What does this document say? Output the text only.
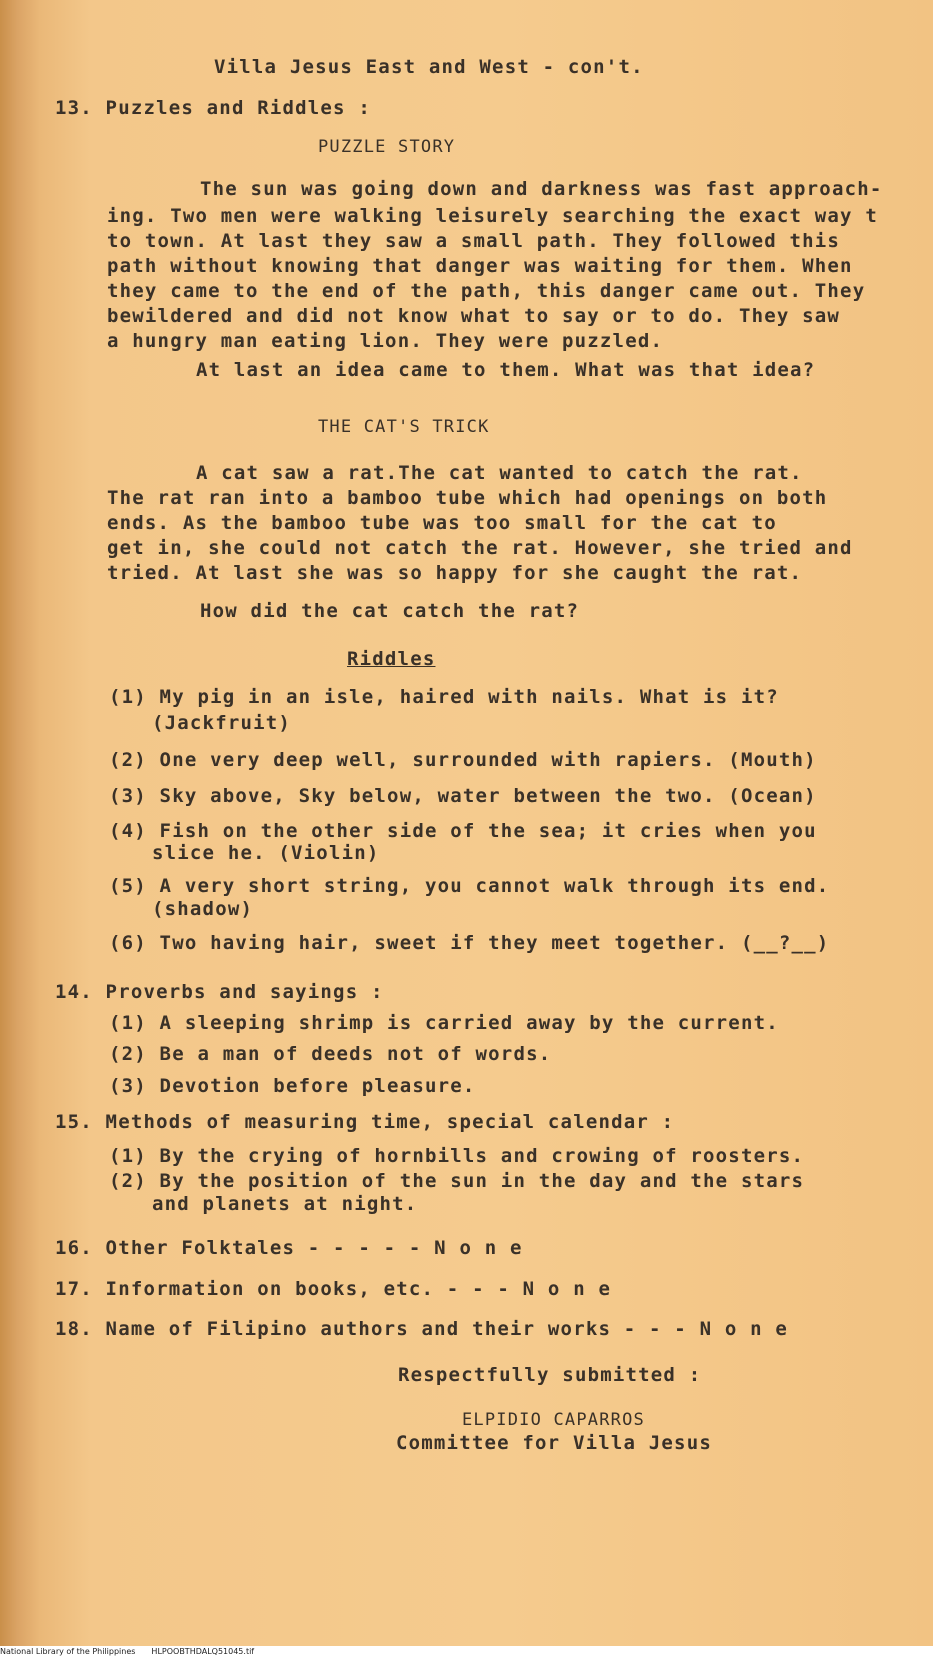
Villa Jesus East and West - con't.
13. Puzzles and Riddles :
PUZZLE STORY
The sun was going down and darkness was fast approach-
ing. Two men were walking leisurely searching the exact way t
to town. At last they saw a small path. They followed this
path without knowing that danger was waiting for them. When
they came to the end of the path, this danger came out. They
bewildered and did not know what to say or to do. They saw
a hungry man eating lion. They were puzzled.
At last an idea came to them. What was that idea?
THE CAT'S TRICK
A cat saw a rat.The cat wanted to catch the rat.
The rat ran into a bamboo tube which had openings on both
ends. As the bamboo tube was too small for the cat to
get in, she could not catch the rat. However, she tried and
tried. At last she was so happy for she caught the rat.
How did the cat catch the rat?
Riddles
(1) My pig in an isle, haired with nails. What is it?
(Jackfruit)
(2) One very deep well, surrounded with rapiers. (Mouth)
(3) Sky above, Sky below, water between the two. (Ocean)
(4) Fish on the other side of the sea; it cries when you
slice he. (Violin)
(5) A very short string, you cannot walk through its end.
(shadow)
(6) Two having hair, sweet if they meet together. (__?__)
14. Proverbs and sayings :
(1) A sleeping shrimp is carried away by the current.
(2) Be a man of deeds not of words.
(3) Devotion before pleasure.
15. Methods of measuring time, special calendar :
(1) By the crying of hornbills and crowing of roosters.
(2) By the position of the sun in the day and the stars
and planets at night.
16. Other Folktales - - - - - N o n e
17. Information on books, etc. - - - N o n e
18. Name of Filipino authors and their works - - - N o n e
Respectfully submitted :
ELPIDIO CAPARROS
Committee for Villa Jesus
National Library of the Philippines HLPOOBTHDALQ51045.tif
